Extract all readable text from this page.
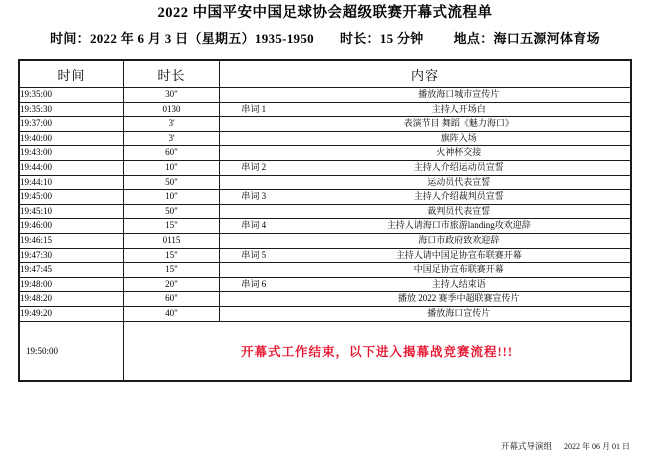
2022 中国平安中国足球协会超级联赛开幕式流程单
时间：2022 年 6 月 3 日（星期五）1935-1950 时长：15 分钟 地点：海口五源河体育场
时间	时长	内容	
19:35:00	30"		播放海口城市宣传片
19:35:30	0130	串词 1	主持人开场白
19:37:00	3'		表演节目 舞蹈《魅力海口》
19:40:00	3'		旗阵入场
19:43:00	60"		火神杯交接
19:44:00	10"	串词 2	主持人介绍运动员宣誓
19:44:10	50"		运动员代表宣誓
19:45:00	10"	串词 3	主持人介绍裁判员宣誓
19:45:10	50"		裁判员代表宣誓
19:46:00	15"	串词 4	主持人请海口市旅游landing攻欢迎辞
19:46:15	0115		海口市政府致欢迎辞
19:47:30	15"	串词 5	主持人请中国足协宣布联赛开幕
19:47:45	15"		中国足协宣布联赛开幕
19:48:00	20"	串词 6	主持人结束语
19:48:20	60"		播放 2022 赛季中超联赛宣传片
19:49:20	40"		播放海口宣传片
19:50:00	开幕式工作结束，以下进入揭幕战竞赛流程!!!		
开幕式导演组 2022 年 06 月 01 日
